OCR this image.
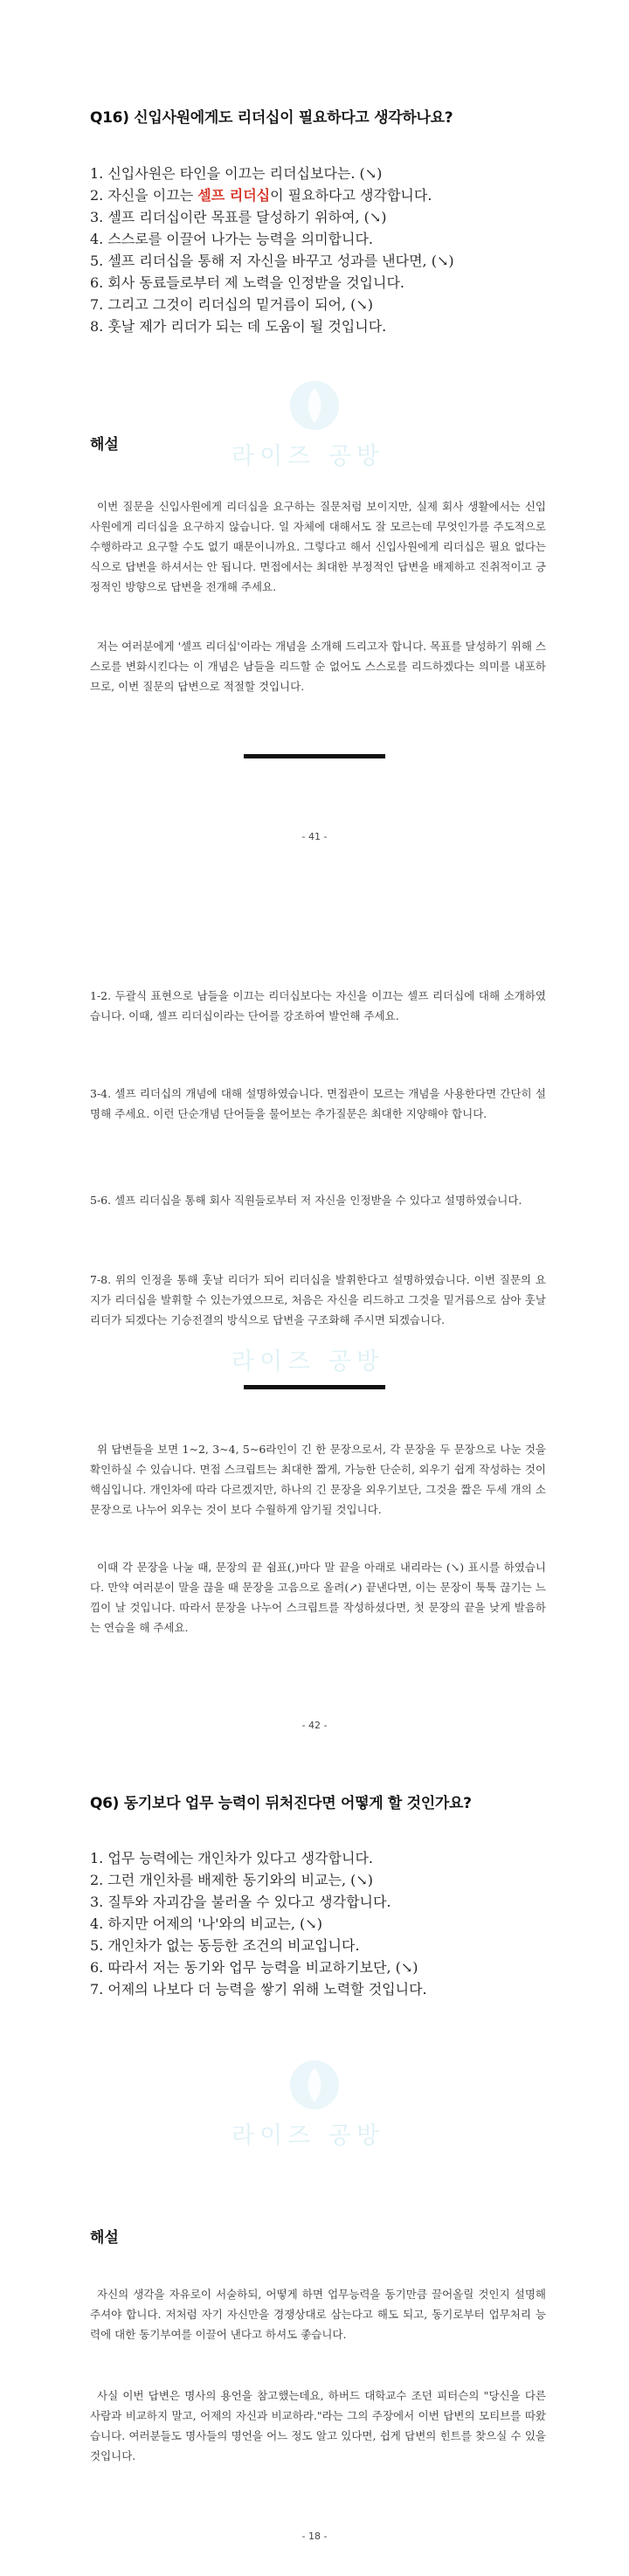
Q16) 신입사원에게도 리더십이 필요하다고 생각하나요?
1. 신입사원은 타인을 이끄는 리더십보다는. (↘)
2. 자신을 이끄는 셀프 리더십이 필요하다고 생각합니다.
3. 셀프 리더십이란 목표를 달성하기 위하여, (↘)
4. 스스로를 이끌어 나가는 능력을 의미합니다.
5. 셀프 리더십을 통해 저 자신을 바꾸고 성과를 낸다면, (↘)
6. 회사 동료들로부터 제 노력을 인정받을 것입니다.
7. 그리고 그것이 리더십의 밑거름이 되어, (↘)
8. 훗날 제가 리더가 되는 데 도움이 될 것입니다.
라이즈 공방
해설

이번 질문을 신입사원에게 리더십을 요구하는 질문처럼 보이지만, 실제 회사 생활에서는 신입사원에게 리더십을 요구하지 않습니다. 일 자체에 대해서도 잘 모르는데 무엇인가를 주도적으로 수행하라고 요구할 수도 없기 때문이니까요. 그렇다고 해서 신입사원에게 리더십은 필요 없다는 식으로 답변을 하셔서는 안 됩니다. 면접에서는 최대한 부정적인 답변을 배제하고 진취적이고 긍정적인 방향으로 답변을 전개해 주세요.

저는 여러분에게 '셀프 리더십'이라는 개념을 소개해 드리고자 합니다. 목표를 달성하기 위해 스스로를 변화시킨다는 이 개념은 남들을 리드할 순 없어도 스스로를 리드하겠다는 의미를 내포하므로, 이번 질문의 답변으로 적절할 것입니다.

- 41 -

1-2. 두괄식 표현으로 남들을 이끄는 리더십보다는 자신을 이끄는 셀프 리더십에 대해 소개하였습니다. 이때, 셀프 리더십이라는 단어를 강조하여 발언해 주세요.

3-4. 셀프 리더십의 개념에 대해 설명하였습니다. 면접관이 모르는 개념을 사용한다면 간단히 설명해 주세요. 이런 단순개념 단어들을 물어보는 추가질문은 최대한 지양해야 합니다.

5-6. 셀프 리더십을 통해 회사 직원들로부터 저 자신을 인정받을 수 있다고 설명하였습니다.

7-8. 위의 인정을 통해 훗날 리더가 되어 리더십을 발휘한다고 설명하였습니다. 이번 질문의 요지가 리더십을 발휘할 수 있는가였으므로, 처음은 자신을 리드하고 그것을 밑거름으로 삼아 훗날 리더가 되겠다는 기승전결의 방식으로 답변을 구조화해 주시면 되겠습니다.

라이즈 공방

위 답변들을 보면 1~2, 3~4, 5~6라인이 긴 한 문장으로서, 각 문장을 두 문장으로 나눈 것을 확인하실 수 있습니다. 면접 스크립트는 최대한 짧게, 가능한 단순히, 외우기 쉽게 작성하는 것이 핵심입니다. 개인차에 따라 다르겠지만, 하나의 긴 문장을 외우기보단, 그것을 짧은 두세 개의 소문장으로 나누어 외우는 것이 보다 수월하게 암기될 것입니다.

이때 각 문장을 나눌 때, 문장의 끝 쉼표(,)마다 말 끝을 아래로 내리라는 (↘) 표시를 하였습니다. 만약 여러분이 말을 끊을 때 문장을 고음으로 올려(↗) 끝낸다면, 이는 문장이 툭툭 끊기는 느낌이 날 것입니다. 따라서 문장을 나누어 스크립트를 작성하셨다면, 첫 문장의 끝을 낮게 발음하는 연습을 해 주세요.

- 42 -
Q6) 동기보다 업무 능력이 뒤처진다면 어떻게 할 것인가요?
1. 업무 능력에는 개인차가 있다고 생각합니다.
2. 그런 개인차를 배제한 동기와의 비교는, (↘)
3. 질투와 자괴감을 불러올 수 있다고 생각합니다.
4. 하지만 어제의 '나'와의 비교는, (↘)
5. 개인차가 없는 동등한 조건의 비교입니다.
6. 따라서 저는 동기와 업무 능력을 비교하기보단, (↘)
7. 어제의 나보다 더 능력을 쌓기 위해 노력할 것입니다.
라이즈 공방
해설

자신의 생각을 자유로이 서술하되, 어떻게 하면 업무능력을 동기만큼 끌어올릴 것인지 설명해 주셔야 합니다. 저처럼 자기 자신만을 경쟁상대로 삼는다고 해도 되고, 동기로부터 업무처리 능력에 대한 동기부여를 이끌어 낸다고 하셔도 좋습니다.

사실 이번 답변은 명사의 용언을 참고했는데요, 하버드 대학교수 조던 피터슨의 "당신을 다른 사람과 비교하지 말고, 어제의 자신과 비교하라."라는 그의 주장에서 이번 답변의 모티브를 따왔습니다. 여러분들도 명사들의 명언을 어느 정도 알고 있다면, 쉽게 답변의 힌트를 찾으실 수 있을 것입니다.

- 18 -
